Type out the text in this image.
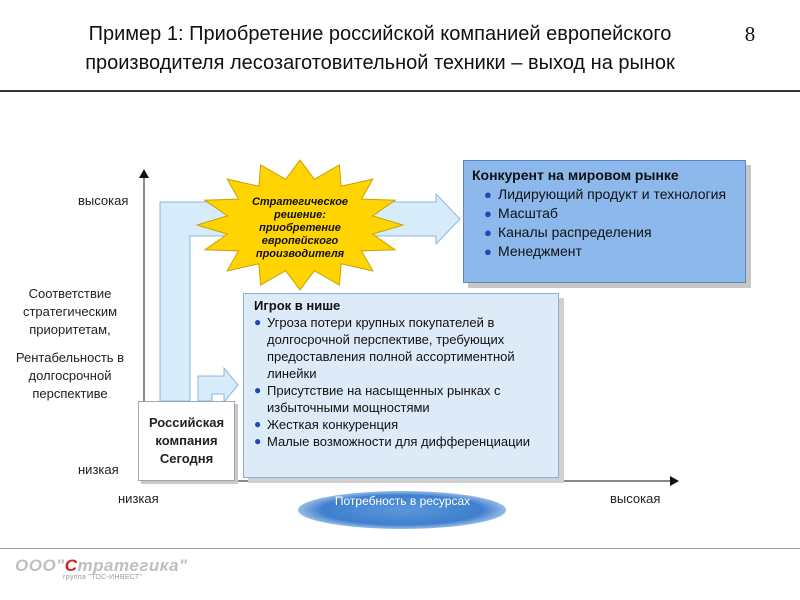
Пример 1: Приобретение российской компанией европейского производителя лесозаготовительной техники – выход на рынок
8
высокая
низкая
низкая	высокая
Соответствие стратегическим приоритетам,
Рентабельность в долгосрочной перспективе
Конкурент на мировом рынке
● Лидирующий продукт и технология
● Масштаб
● Каналы распределения
● Менеджмент
Игрок в нише
● Угроза потери крупных покупателей в долгосрочной перспективе, требующих предоставления полной ассортиментной линейки
● Присутствие на насыщенных рынках с избыточными мощностями
● Жесткая конкуренция
● Малые возможности для дифференциации
Российская компания Сегодня
Стратегическое решение: приобретение европейского производителя
Потребность в ресурсах
ООО"Стратегика"
группа "ТОС-ИНВЕСТ"
